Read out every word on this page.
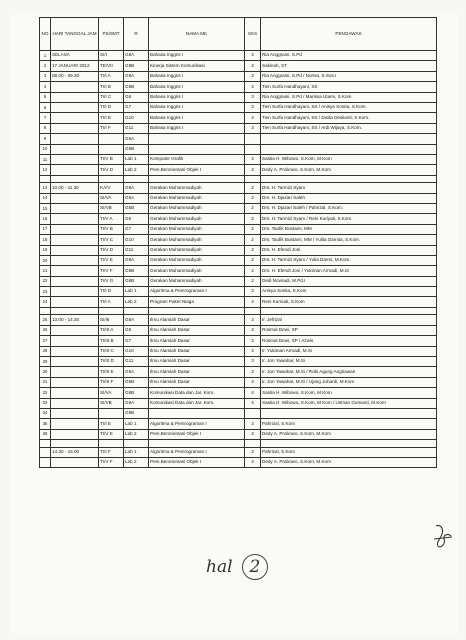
NO	HARI TANGGAL JAM	PS/SMT	R	NAMA MK	SKS	PENGAWAS
1	SELASA	SI/I	G8A	Bahasa Inggris I	3	Ria Anggraini, S.Pd
2	17 JANUARI 2012	TE/VII	G8B	Kinerja Sistem Komunikasi	3	Sakinah, ST
3	08.00 - 09.30	TI/I A	G9A	Bahasa Inggris I	3	Ria Anggraini, S.Pd / Nurisa, S.Sos.I
4		TI/I B	G9B	Bahasa Inggris I	3	Tien Surfa Handhayani, SS
5		TI/I C	G6	Bahasa Inggris I	3	Ria Anggraini, S.Pd / Marissa Utami, S.Kom.
6		TI/I D	G7	Bahasa Inggris I	3	Tien Surfa Handhayani, SS / Anisya Sonita, S.Kom.
7		TI/I E	G10	Bahasa Inggris I	3	Tien Surfa Handhayani, SS / Dwita Deslianti, S.Kom.
8		TI/I F	G11	Bahasa Inggris I	3	Tien Surfa Handhayani, SS / Ardi Wijaya, S.Kom.
9			G5A			
10			G5B			
11		TI/V B	Lab 1	Komputer Grafik	3	Sastia H. Wibowo, S.Kom, M.Kom
12		TI/V D	Lab 2	Pem.Berorientasi Objek I	3	Dedy A. Prabowo, S.Kom, M.Kom

13	10.00 - 11.30	KA/V	G8A	Gerakan Muhammadiyah	2	Drs. H. Tarmizi Syam
14		SI/VA	G5A	Gerakan Muhammadiyah	2	Drs. H. Djazari Saleh
15		SI/VB	G5B	Gerakan Muhammadiyah	2	Drs. H. Djazari Saleh / Pahrizal, S.Kom.
16		TI/V A	G6	Gerakan Muhammadiyah	2	Drs. H. Tarmizi Syam / Reni Kuriyati, S.Kom.
17		TI/V B	G7	Gerakan Muhammadiyah	2	Drs. Taufik Bustami, MM
18		TI/V C	G10	Gerakan Muhammadiyah	2	Drs. Taufik Bustami, MM / Yulita Damita, S.Kom.
19		TI/V D	G11	Gerakan Muhammadiyah	2	Drs. H. Efendi Joni
20		TI/V E	G9A	Gerakan Muhammadiyah	2	Drs. H. Tarmizi Syam / Yulia Darmi, M.Kom.
21		TI/V F	G9B	Gerakan Muhammadiyah	2	Drs. H. Efendi Joni / Yukiman Armadi, M.Si
22		TI/V G	G8B	Gerakan Muhammadiyah	2	Dedi Novriadi, M.Pd.I
23		TI/I D	Lab 1	Algoritma & Pemrograman I	3	Anisya Sonita, S.Kom
24		TI/I A	Lab 2	Program Paket Niaga	3	Reni Kurniati, S.Kom

25	13.00 - 14.30	SI/III	G8A	Ilmu Alamiah Dasar	3	Ir. Jefrizal
26		TI/III A	G6	Ilmu Alamiah Dasar	3	Rosmal Dewi, SP
27		TI/III B	G7	Ilmu Alamiah Dasar	3	Rosmal Dewi, SP / Azwis
28		TI/III C	G10	Ilmu Alamiah Dasar	3	Ir. Yukiman Armadi, M.Si
29		TI/III D	G11	Ilmu Alamiah Dasar	3	Ir. Jon Yawahar, M.Si
30		TI/III E	G5A	Ilmu Alamiah Dasar	3	Ir. Jon Yawahar, M.Si / Robi Agung Angriawan
31		TI/III F	G5B	Ilmu Alamiah Dasar	3	Ir. Jon Yawahar, M.Si / Ujang Juhardi, M.Kom
32		SI/VA	G8B	Komunikasi Data dan Jar. Kom.	4	Sastia H. Wibowo, S.Kom, M.Kom
33		SI/VB	G9A	Komunikasi Data dan Jar. Kom.	4	Sastia H. Wibowo, S.Kom, M.Kom / Usman Gumanti, M.Kom
34			G9B			
35		TI/I E	Lab 1	Algoritma & Pemrograman I	3	Pahrizal, S.Kom
36		TI/V E	Lab 2	Pem.Berorientasi Objek I	3	Dedy A. Prabowo, S.Kom, M.Kom

	14.30 - 16.00	TI/I F	Lab 1	Algoritma & Pemrograman I	3	Pahrizal, S.Kom
		TI/V F	Lab 2	Pem.Berorientasi Objek I	3	Dedy A. Prabowo, S.Kom, M.Kom
hal 2
